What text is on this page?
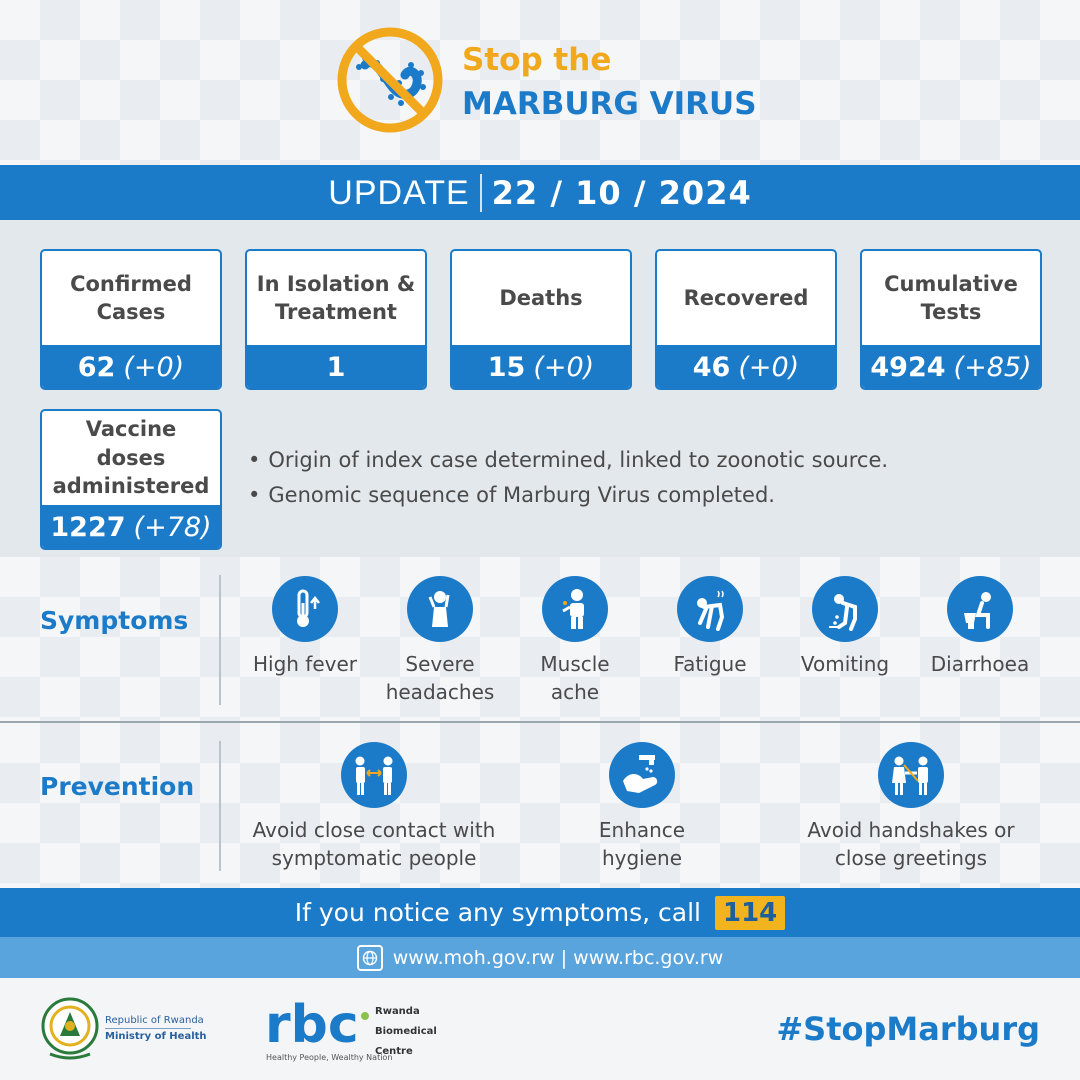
Stop the
MARBURG VIRUS
UPDATE 22 / 10 / 2024
Confirmed Cases
62 (+0)
In Isolation & Treatment
1
Deaths
15 (+0)
Recovered
46 (+0)
Cumulative Tests
4924 (+85)
Vaccine doses administered
1227 (+78)
• Origin of index case determined, linked to zoonotic source.
• Genomic sequence of Marburg Virus completed.
Symptoms
High fever	Severe headaches
Muscle ache
Fatigue	Vomiting	Diarrhoea
Prevention
Avoid close contact with symptomatic people
Enhance hygiene
Avoid handshakes or close greetings
If you notice any symptoms, call 114
www.moh.gov.rw | www.rbc.gov.rw
Republic of Rwanda
Ministry of Health rbc Rwanda
Biomedical
Centre
Healthy People, Wealthy Nation
#StopMarburg
